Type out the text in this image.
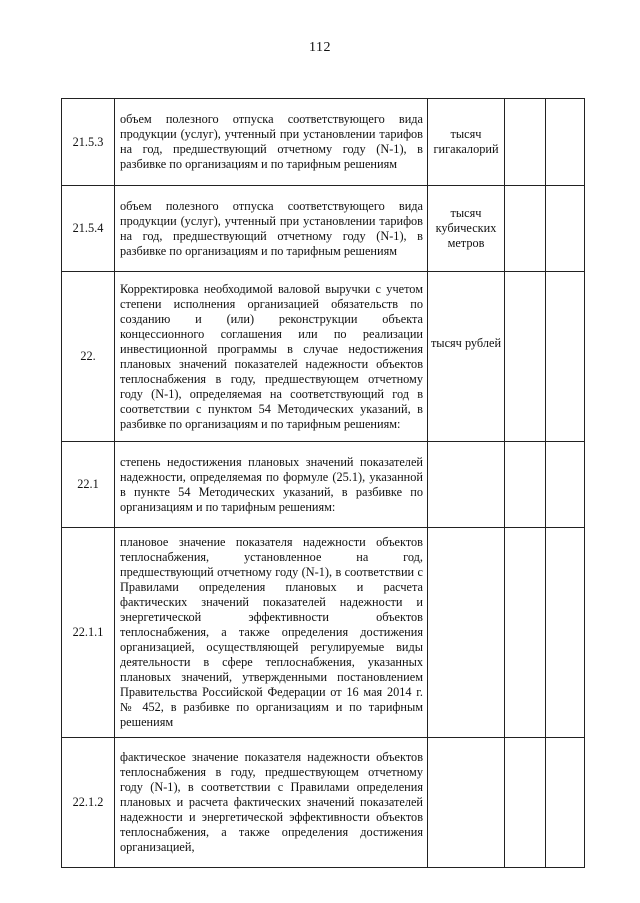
112
21.5.3	объем полезного отпуска соответствующего вида продукции (услуг), учтенный при установлении тарифов на год, предшествующий отчетному году (N-1), в разбивке по организациям и по тарифным решениям	тысяч гигакалорий		
21.5.4	объем полезного отпуска соответствующего вида продукции (услуг), учтенный при установлении тарифов на год, предшествующий отчетному году (N-1), в разбивке по организациям и по тарифным решениям	тысяч кубических метров		
22.	Корректировка необходимой валовой выручки с учетом степени исполнения организацией обязательств по созданию и (или) реконструкции объекта концессионного соглашения или по реализации инвестиционной программы в случае недостижения плановых значений показателей надежности объектов теплоснабжения в году, предшествующем отчетному году (N-1), определяемая на соответствующий год в соответствии с пунктом 54 Методических указаний, в разбивке по организациям и по тарифным решениям:	тысяч рублей		
22.1	степень недостижения плановых значений показателей надежности, определяемая по формуле (25.1), указанной в пункте 54 Методических указаний, в разбивке по организациям и по тарифным решениям:			

22.1.1	плановое значение показателя надежности объектов теплоснабжения, установленное на год, предшествующий отчетному году (N-1), в соответствии с Правилами определения плановых и расчета фактических значений показателей надежности и энергетической эффективности объектов теплоснабжения, а также определения достижения организацией, осуществляющей регулируемые виды деятельности в сфере теплоснабжения, указанных плановых значений, утвержденными постановлением Правительства Российской Федерации от 16 мая 2014 г. № 452, в разбивке по организациям и по тарифным решениям			

22.1.2	фактическое значение показателя надежности объектов теплоснабжения в году, предшествующем отчетному году (N-1), в соответствии с Правилами определения плановых и расчета фактических значений показателей надежности и энергетической эффективности объектов теплоснабжения, а также определения достижения организацией,			
